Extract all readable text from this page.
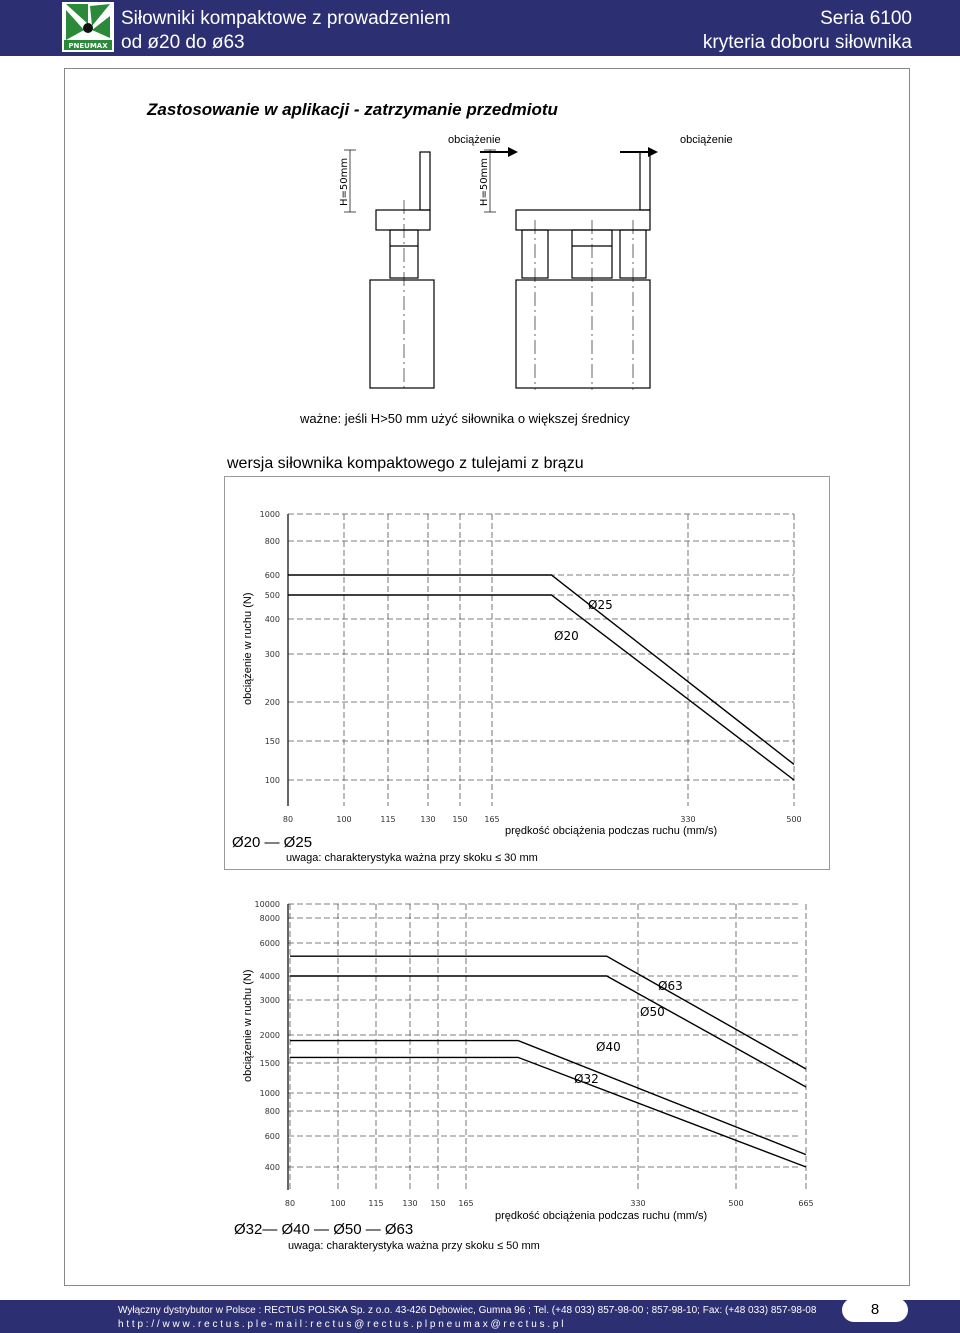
PNEUMAX
Siłowniki kompaktowe z prowadzeniem
od ø20 do ø63
Seria 6100
kryteria doboru siłownika
Zastosowanie w aplikacji - zatrzymanie przedmiotu
obciążenie	obciążenie
H=50mm	H=50mm
ważne: jeśli H>50 mm użyć siłownika o większej średnicy
wersja siłownika kompaktowego z tulejami z brązu
100
150
200
300
400
500
600
800
1000
80	100	115	130 150 165	330	500
Ø20
Ø25
obciążenie w ruchu (N)
prędkość obciążenia podczas ruchu (mm/s)
Ø20 — Ø25
uwaga: charakterystyka ważna przy skoku ≤ 30 mm
400
600
800
1000
1500
2000
3000
4000
6000
8000
10000
80	100	115 130 150 165	330	500	665
Ø32
Ø40
Ø50
Ø63
obciążenie w ruchu (N)
prędkość obciążenia podczas ruchu (mm/s)
Ø32— Ø40 — Ø50 — Ø63
uwaga: charakterystyka ważna przy skoku ≤ 50 mm
Wyłączny dystrybutor w Polsce : RECTUS POLSKA Sp. z o.o. 43-426 Dębowiec, Gumna 96 ; Tel. (+48 033) 857-98-00 ; 857-98-10; Fax: (+48 033) 857-98-08
h t t p : / / w w w . r e c t u s . p l e - m a i l : r e c t u s @ r e c t u s . p l p n e u m a x @ r e c t u s . p l
8
